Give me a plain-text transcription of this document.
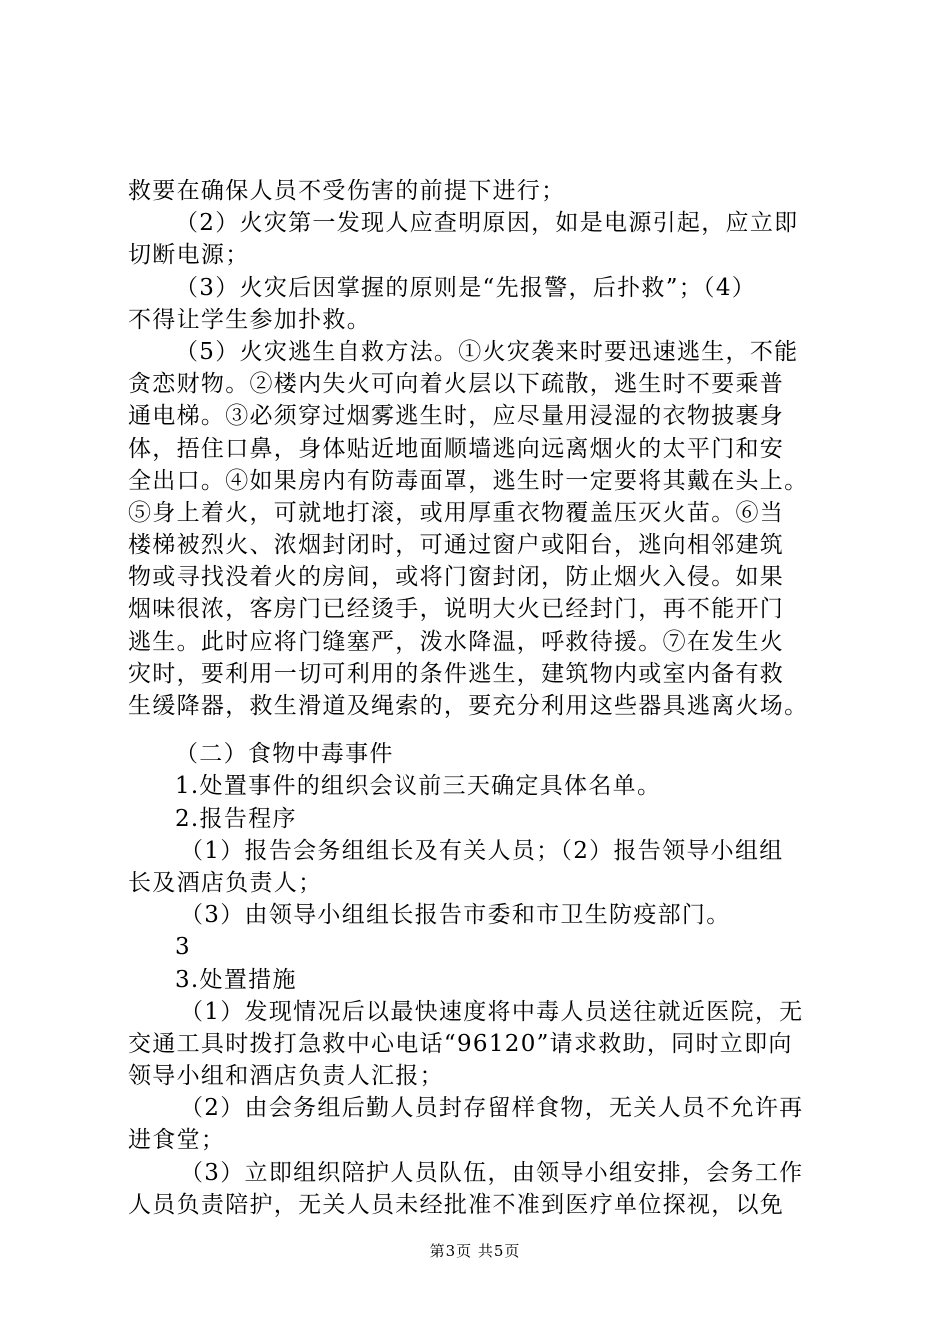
救要在确保人员不受伤害的前提下进行；
（2）火灾第一发现人应查明原因，如是电源引起，应立即
切断电源；
（3）火灾后因掌握的原则是“先报警，后扑救”；（4）
不得让学生参加扑救。
（5）火灾逃生自救方法。①火灾袭来时要迅速逃生，不能
贪恋财物。②楼内失火可向着火层以下疏散，逃生时不要乘普
通电梯。③必须穿过烟雾逃生时，应尽量用浸湿的衣物披裹身
体，捂住口鼻，身体贴近地面顺墙逃向远离烟火的太平门和安
全出口。④如果房内有防毒面罩，逃生时一定要将其戴在头上。
⑤身上着火，可就地打滚，或用厚重衣物覆盖压灭火苗。⑥当
楼梯被烈火、浓烟封闭时，可通过窗户或阳台，逃向相邻建筑
物或寻找没着火的房间，或将门窗封闭，防止烟火入侵。如果
烟味很浓，客房门已经烫手，说明大火已经封门，再不能开门
逃生。此时应将门缝塞严，泼水降温，呼救待援。⑦在发生火
灾时，要利用一切可利用的条件逃生，建筑物内或室内备有救
生缓降器，救生滑道及绳索的，要充分利用这些器具逃离火场。
（二）食物中毒事件
1.处置事件的组织会议前三天确定具体名单。
2.报告程序
（1）报告会务组组长及有关人员；（2）报告领导小组组
长及酒店负责人；
（3）由领导小组组长报告市委和市卫生防疫部门。
3
3.处置措施
（1）发现情况后以最快速度将中毒人员送往就近医院，无
交通工具时拨打急救中心电话“96120”请求救助，同时立即向
领导小组和酒店负责人汇报；
（2）由会务组后勤人员封存留样食物，无关人员不允许再
进食堂；
（3）立即组织陪护人员队伍，由领导小组安排，会务工作
人员负责陪护，无关人员未经批准不准到医疗单位探视，以免
第3页 共5页
